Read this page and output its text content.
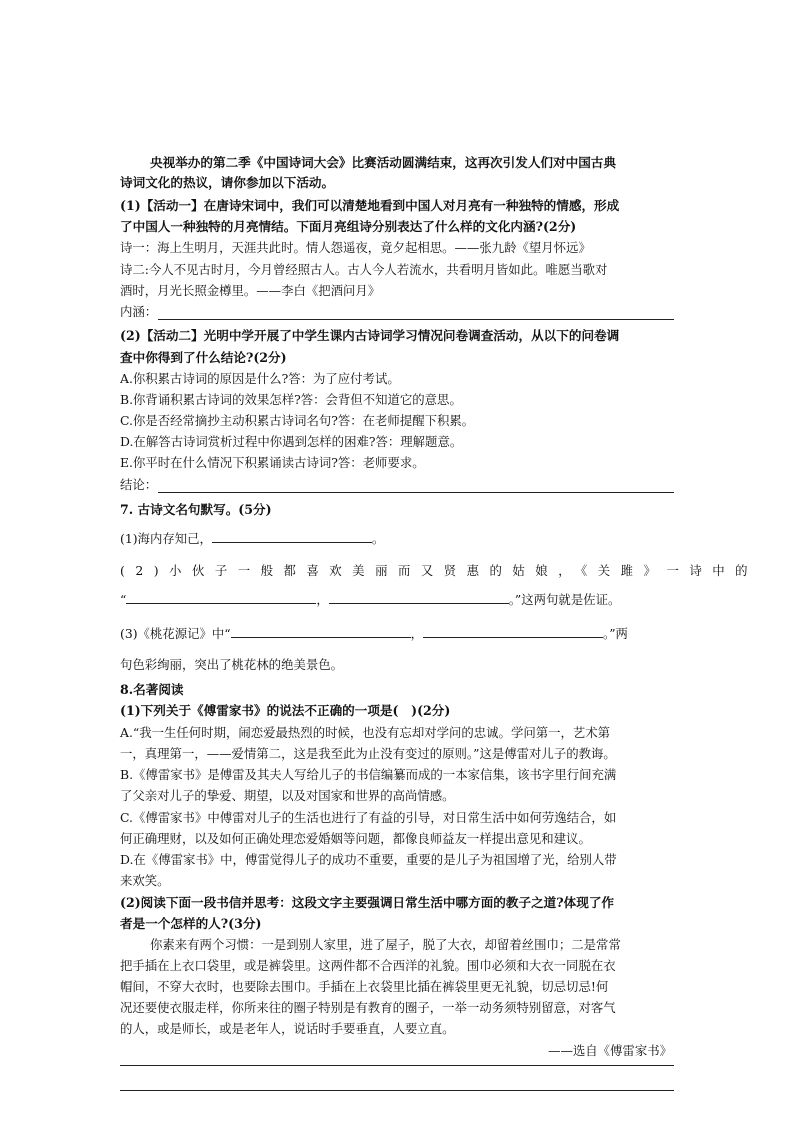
央视举办的第二季《中国诗词大会》比赛活动圆满结束，这再次引发人们对中国古典
诗词文化的热议，请你参加以下活动。
(1)【活动一】在唐诗宋词中，我们可以清楚地看到中国人对月亮有一种独特的情感，形成
了中国人一种独特的月亮情结。下面月亮组诗分别表达了什么样的文化内涵?(2分)
诗一：海上生明月，天涯共此时。情人怨遥夜，竟夕起相思。——张九龄《望月怀远》
诗二:今人不见古时月，今月曾经照古人。古人今人若流水，共看明月皆如此。唯愿当歌对
酒时，月光长照金樽里。——李白《把酒问月》
内涵：
(2)【活动二】光明中学开展了中学生课内古诗词学习情况问卷调查活动，从以下的问卷调
查中你得到了什么结论?(2分)
A.你积累古诗词的原因是什么?答：为了应付考试。
B.你背诵积累古诗词的效果怎样?答：会背但不知道它的意思。
C.你是否经常摘抄主动积累古诗词名句?答：在老师提醒下积累。
D.在解答古诗词赏析过程中你遇到怎样的困难?答：理解题意。
E.你平时在什么情况下积累诵读古诗词?答：老师要求。
结论：
7. 古诗文名句默写。(5分)
(1)海内存知己，	。
(2)小伙子一般都喜欢美丽而又贤惠的姑娘，《关雎》一诗中的
“	，	。”这两句就是佐证。
(3)《桃花源记》中“	，	。”两
句色彩绚丽，突出了桃花林的绝美景色。
8.名著阅读
(1)下列关于《傅雷家书》的说法不正确的一项是(　)(2分)
A.“我一生任何时期，闹恋爱最热烈的时候，也没有忘却对学问的忠诚。学问第一，艺术第
一，真理第一，——爱情第二，这是我至此为止没有变过的原则。”这是傅雷对儿子的教诲。
B.《傅雷家书》是傅雷及其夫人写给儿子的书信编纂而成的一本家信集，该书字里行间充满
了父亲对儿子的挚爱、期望，以及对国家和世界的高尚情感。
C.《傅雷家书》中傅雷对儿子的生活也进行了有益的引导，对日常生活中如何劳逸结合，如
何正确理财，以及如何正确处理恋爱婚姻等问题，都像良师益友一样提出意见和建议。
D.在《傅雷家书》中，傅雷觉得儿子的成功不重要，重要的是儿子为祖国增了光，给别人带
来欢笑。
(2)阅读下面一段书信并思考：这段文字主要强调日常生活中哪方面的教子之道?体现了作
者是一个怎样的人?(3分)
你素来有两个习惯：一是到别人家里，进了屋子，脱了大衣，却留着丝围巾；二是常常
把手插在上衣口袋里，或是裤袋里。这两件都不合西洋的礼貌。围巾必须和大衣一同脱在衣
帽间，不穿大衣时，也要除去围巾。手插在上衣袋里比插在裤袋里更无礼貌，切忌切忌!何
况还要使衣服走样，你所来往的圈子特别是有教育的圈子，一举一动务须特别留意，对客气
的人，或是师长，或是老年人，说话时手要垂直，人要立直。
——选自《傅雷家书》
